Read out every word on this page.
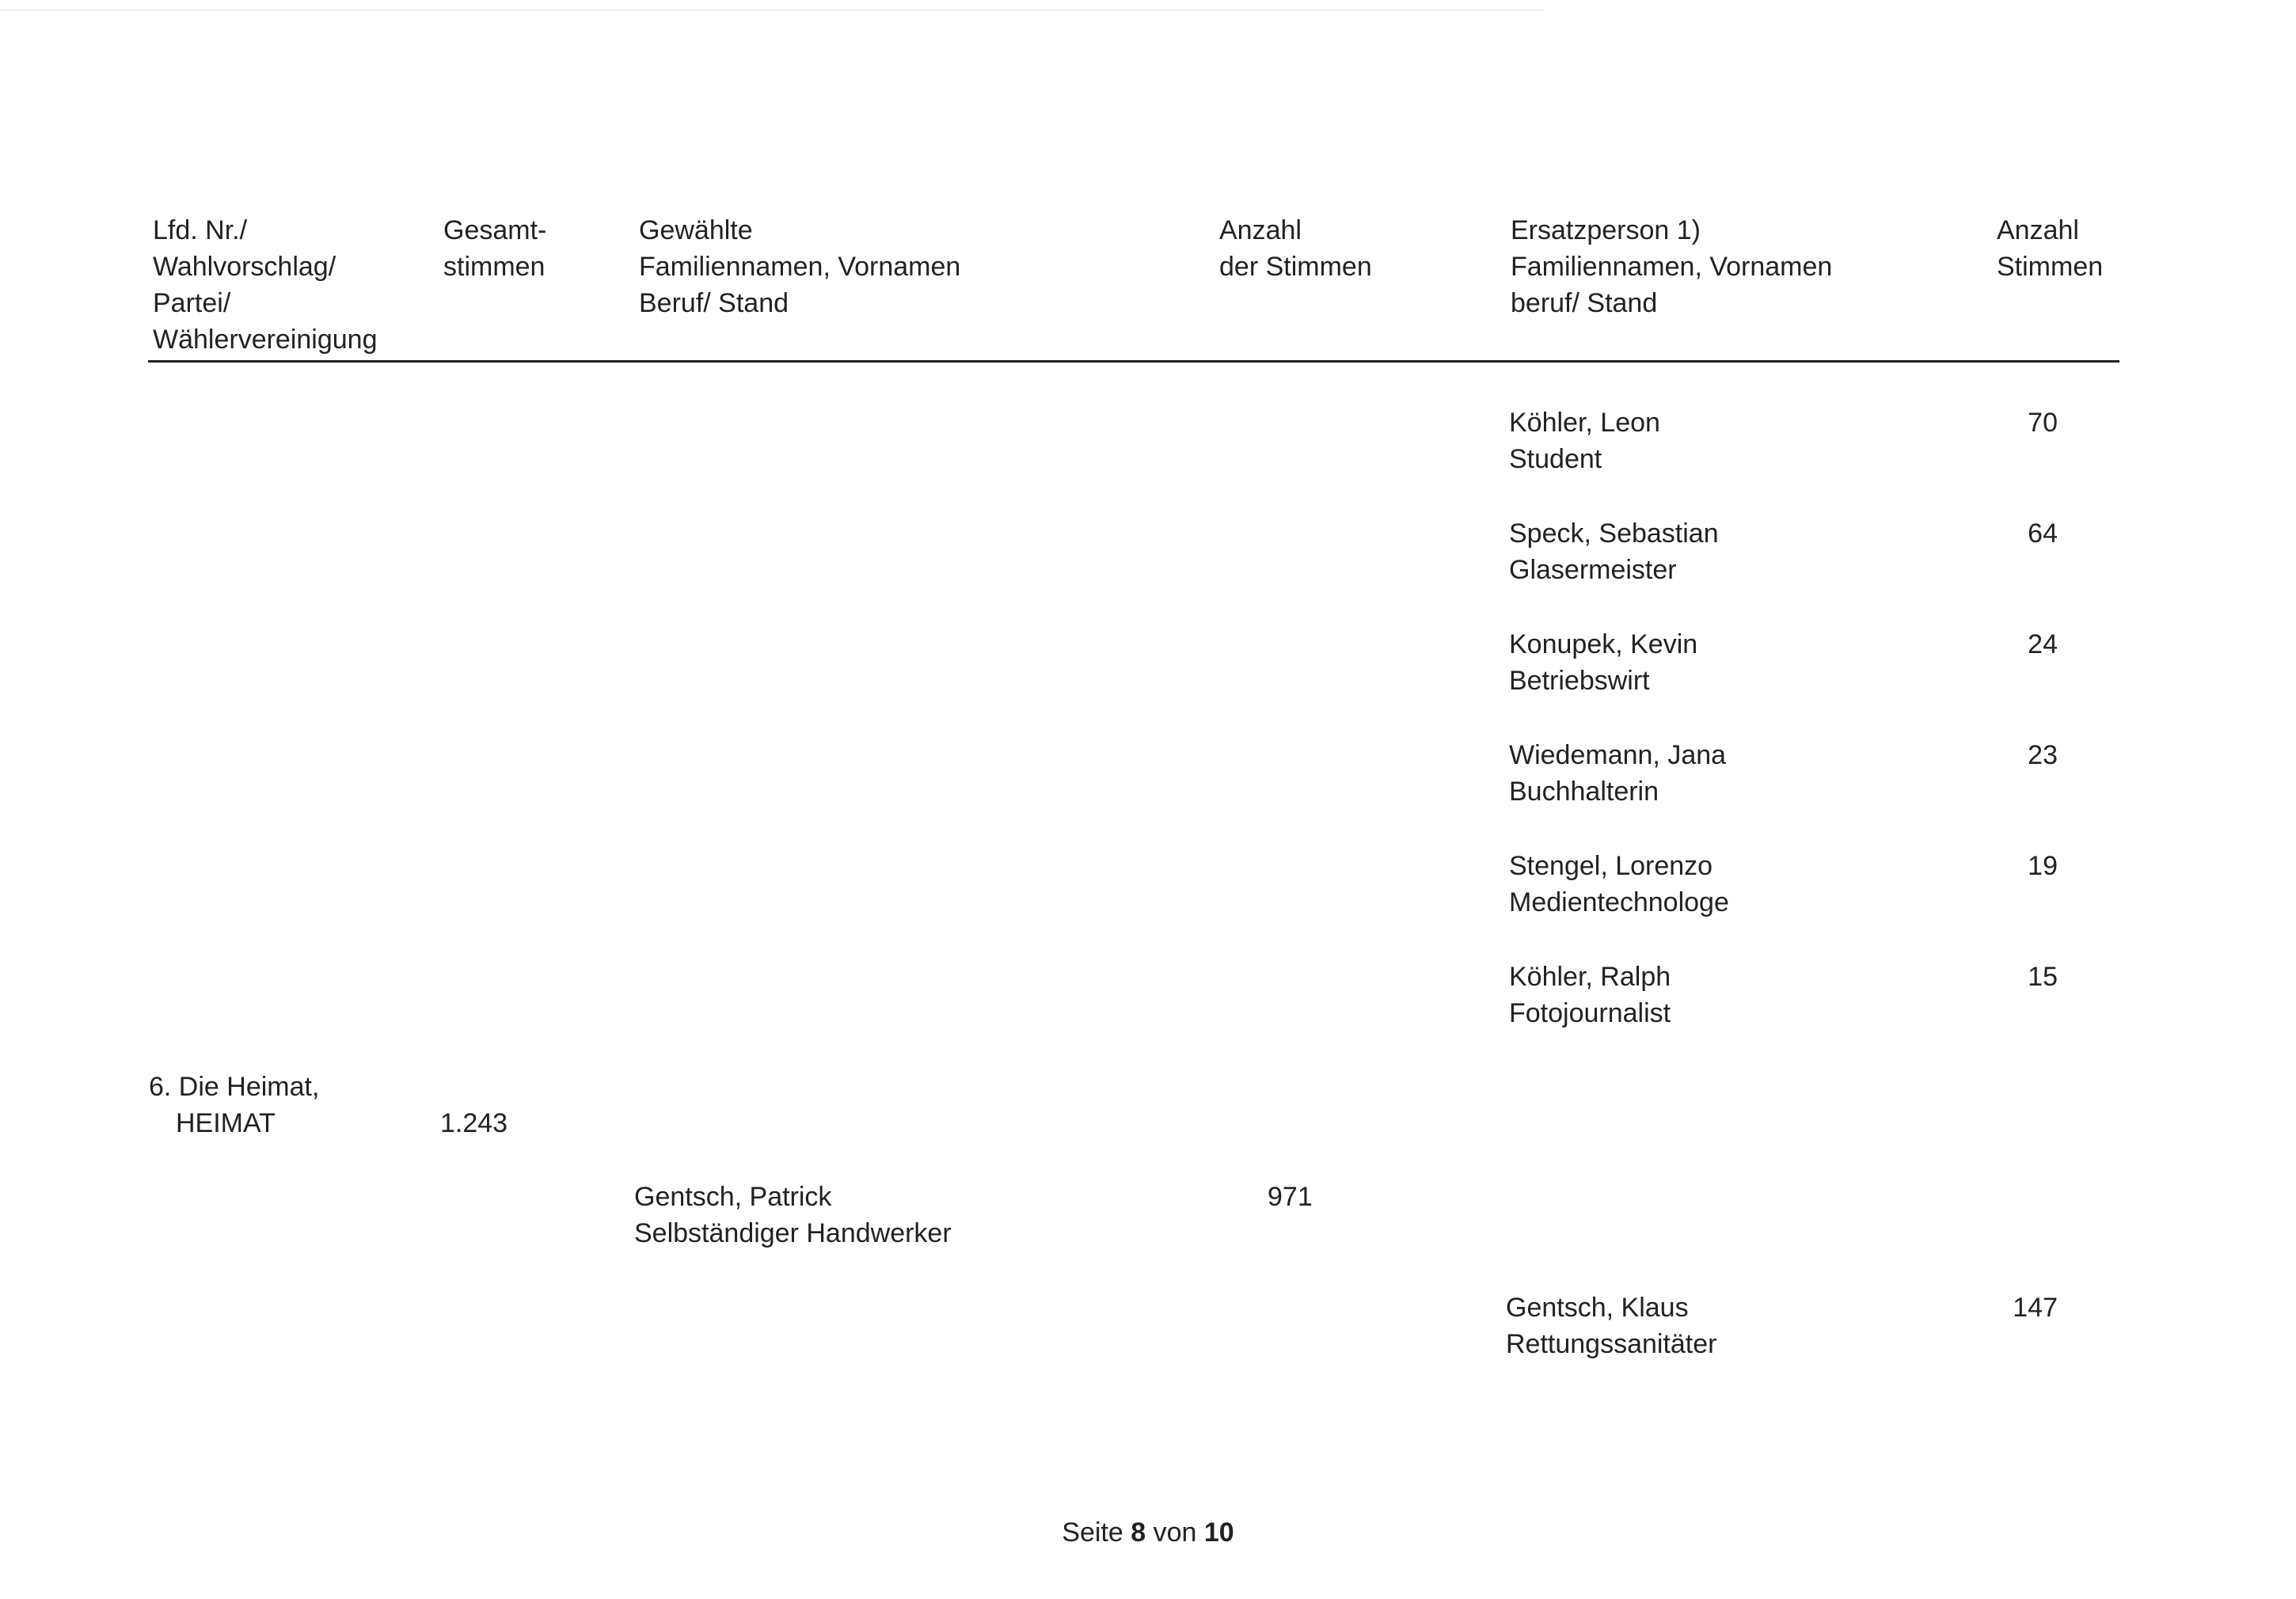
Lfd. Nr./
Wahlvorschlag/
Partei/
Wählervereinigung
Gesamt-
stimmen
Gewählte
Familiennamen, Vornamen
Beruf/ Stand
Anzahl
der Stimmen
Ersatzperson 1)
Familiennamen, Vornamen
beruf/ Stand
Anzahl
Stimmen
Köhler, Leon
Student
70
Speck, Sebastian
Glasermeister
64
Konupek, Kevin
Betriebswirt
24
Wiedemann, Jana
Buchhalterin
23
Stengel, Lorenzo
Medientechnologe
19
Köhler, Ralph
Fotojournalist
15
6. Die Heimat,
HEIMAT	1.243
Gentsch, Patrick
Selbständiger Handwerker
971
Gentsch, Klaus
Rettungssanitäter
147
Seite 8 von 10
